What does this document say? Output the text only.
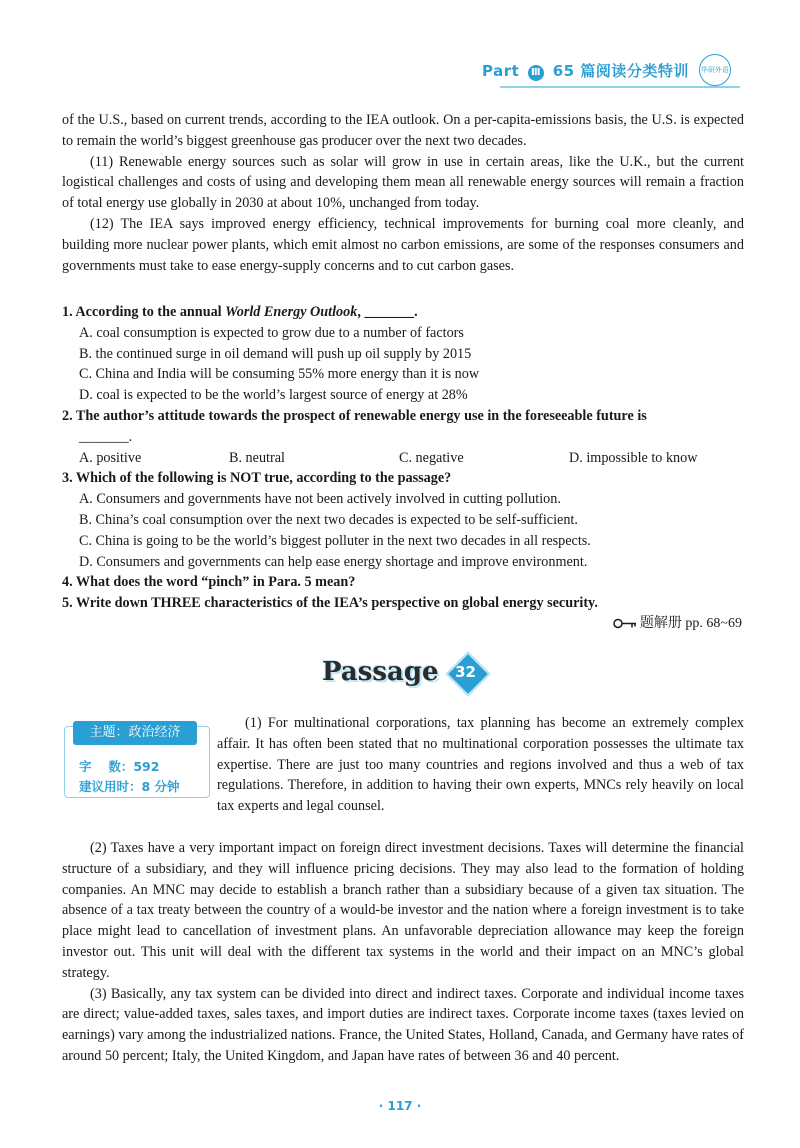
Part Ⅲ 65 篇阅读分类特训 华研外语
of the U.S., based on current trends, according to the IEA outlook. On a per-capita-emissions basis, the U.S. is expected to remain the world’s biggest greenhouse gas producer over the next two decades.
(11) Renewable energy sources such as solar will grow in use in certain areas, like the U.K., but the current logistical challenges and costs of using and developing them mean all renewable energy sources will remain a fraction of total energy use globally in 2030 at about 10%, unchanged from today.
(12) The IEA says improved energy efficiency, technical improvements for burning coal more cleanly, and building more nuclear power plants, which emit almost no carbon emissions, are some of the responses consumers and governments must take to ease energy-supply concerns and to cut carbon gases.
1. According to the annual World Energy Outlook, _______.
A. coal consumption is expected to grow due to a number of factors
B. the continued surge in oil demand will push up oil supply by 2015
C. China and India will be consuming 55% more energy than it is now
D. coal is expected to be the world’s largest source of energy at 28%
2. The author’s attitude towards the prospect of renewable energy use in the foreseeable future is
_______.
A. positive	B. neutral	C. negative	D. impossible to know
3. Which of the following is NOT true, according to the passage?
A. Consumers and governments have not been actively involved in cutting pollution.
B. China’s coal consumption over the next two decades is expected to be self-sufficient.
C. China is going to be the world’s biggest polluter in the next two decades in all respects.
D. Consumers and governments can help ease energy shortage and improve environment.
4. What does the word “pinch” in Para. 5 mean?
5. Write down THREE characteristics of the IEA’s perspective on global energy security.
题解册 pp. 68~69
Passage	32
主题：政治经济
字　 数：592
建议用时：8 分钟
(1) For multinational corporations, tax planning has become an extremely complex affair. It has often been stated that no multinational corporation possesses the ultimate tax expertise. There are just too many countries and regions involved and thus a web of tax regulations. Therefore, in addition to having their own experts, MNCs rely heavily on local tax experts and legal counsel.
(2) Taxes have a very important impact on foreign direct investment decisions. Taxes will determine the financial structure of a subsidiary, and they will influence pricing decisions. They may also lead to the formation of holding companies. An MNC may decide to establish a branch rather than a subsidiary because of a given tax situation. The absence of a tax treaty between the country of a would-be investor and the nation where a foreign investment is to take place might lead to cancellation of investment plans. An unfavorable depreciation allowance may keep the foreign investor out. This unit will deal with the different tax systems in the world and their impact on an MNC’s global strategy.
(3) Basically, any tax system can be divided into direct and indirect taxes. Corporate and individual income taxes are direct; value-added taxes, sales taxes, and import duties are indirect taxes. Corporate income taxes (taxes levied on earnings) vary among the industrialized nations. France, the United States, Holland, Canada, and Germany have rates of around 50 percent; Italy, the United Kingdom, and Japan have rates of between 36 and 40 percent.
· 117 ·
